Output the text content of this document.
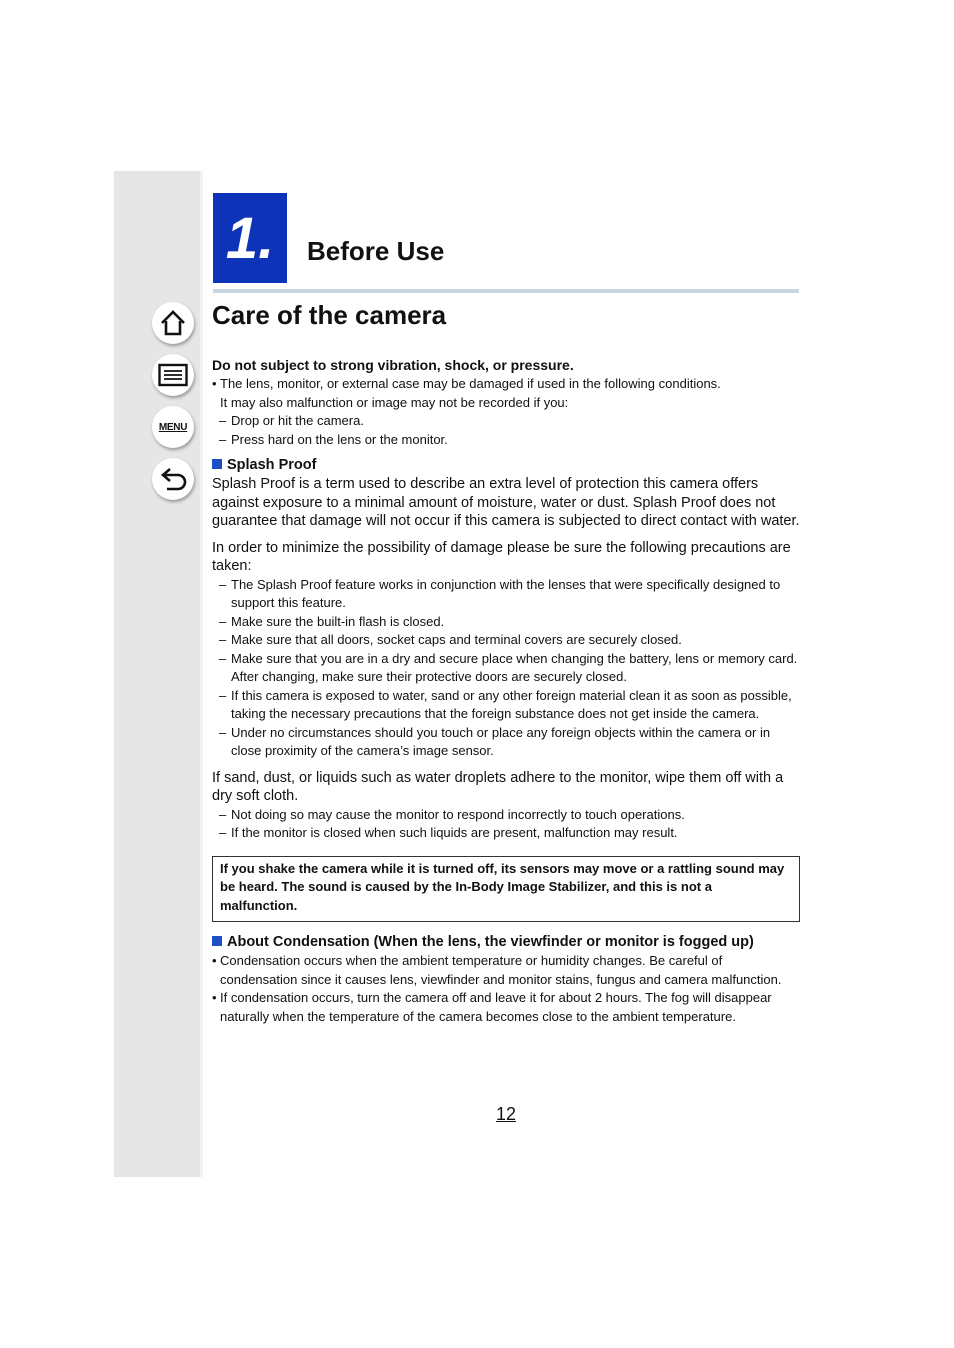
MENU
1.	Before Use
Care of the camera
Do not subject to strong vibration, shock, or pressure.
• The lens, monitor, or external case may be damaged if used in the following conditions.
It may also malfunction or image may not be recorded if you:
– Drop or hit the camera.
– Press hard on the lens or the monitor.
Splash Proof
Splash Proof is a term used to describe an extra level of protection this camera offers against exposure to a minimal amount of moisture, water or dust. Splash Proof does not guarantee that damage will not occur if this camera is subjected to direct contact with water.
In order to minimize the possibility of damage please be sure the following precautions are taken:
– The Splash Proof feature works in conjunction with the lenses that were specifically designed to support this feature.
– Make sure the built-in flash is closed.
– Make sure that all doors, socket caps and terminal covers are securely closed.
– Make sure that you are in a dry and secure place when changing the battery, lens or memory card. After changing, make sure their protective doors are securely closed.
– If this camera is exposed to water, sand or any other foreign material clean it as soon as possible, taking the necessary precautions that the foreign substance does not get inside the camera.
– Under no circumstances should you touch or place any foreign objects within the camera or in close proximity of the camera’s image sensor.
If sand, dust, or liquids such as water droplets adhere to the monitor, wipe them off with a dry soft cloth.
– Not doing so may cause the monitor to respond incorrectly to touch operations.
– If the monitor is closed when such liquids are present, malfunction may result.
If you shake the camera while it is turned off, its sensors may move or a rattling sound may be heard. The sound is caused by the In-Body Image Stabilizer, and this is not a malfunction.
About Condensation (When the lens, the viewfinder or monitor is fogged up)
• Condensation occurs when the ambient temperature or humidity changes. Be careful of condensation since it causes lens, viewfinder and monitor stains, fungus and camera malfunction.
• If condensation occurs, turn the camera off and leave it for about 2 hours. The fog will disappear naturally when the temperature of the camera becomes close to the ambient temperature.
12
